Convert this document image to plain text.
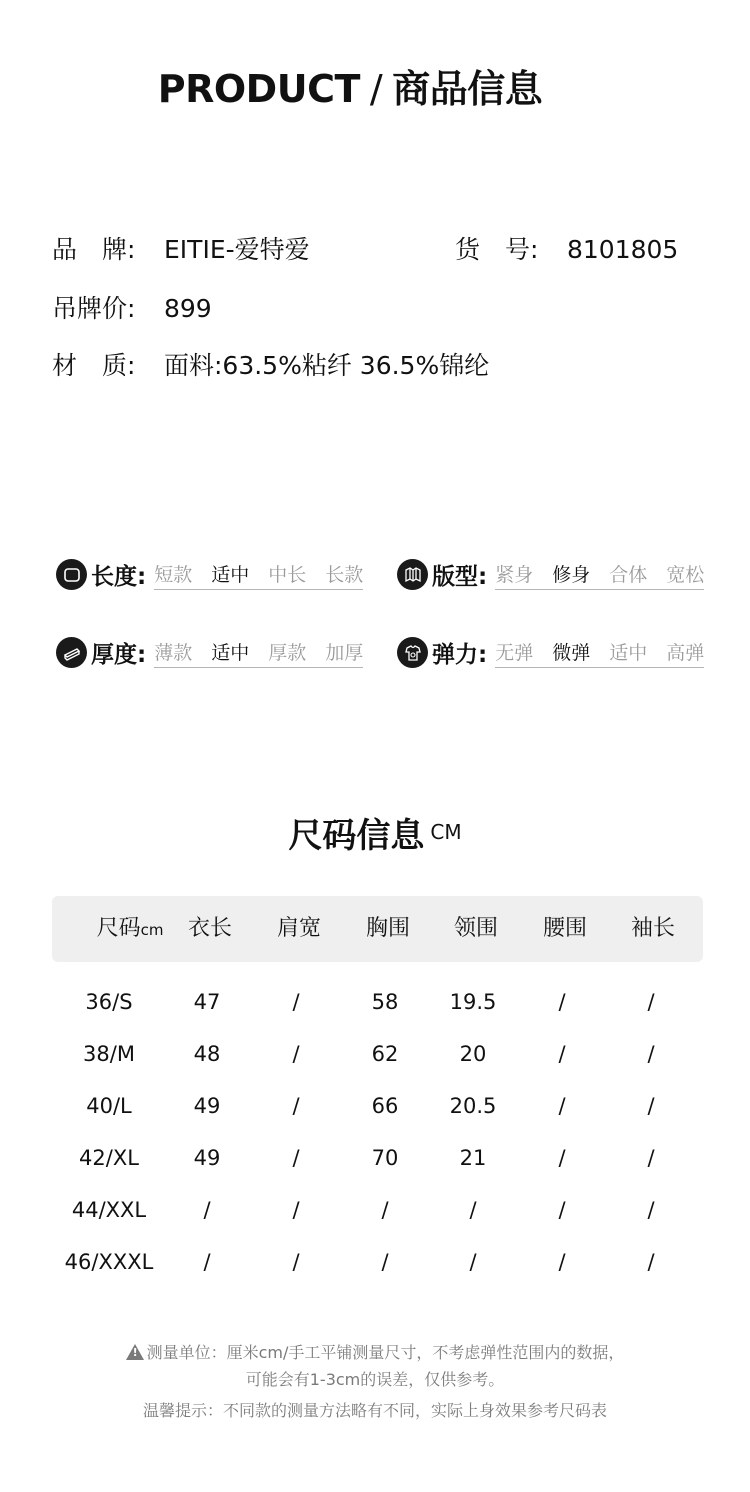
PRODUCT / 商品信息
品　牌: EITIE-爱特爱	货　号: 8101805
吊牌价: 899
材　质: 面料:63.5%粘纤 36.5%锦纶
长度: 短款 适中 中长 长款	版型: 紧身 修身 合体 宽松
厚度: 薄款 适中 厚款 加厚	弹力: 无弹 微弹 适中 高弹
尺码信息 CM
尺码cm	衣长	肩宽	胸围	领围	腰围	袖长
36/S	47	/	58	19.5	/	/
38/M	48	/	62	20	/	/
40/L	49	/	66	20.5	/	/
42/XL	49	/	70	21	/	/
44/XXL	/	/	/	/	/	/
46/XXXL	/	/	/	/	/	/
! 测量单位：厘米cm/手工平铺测量尺寸，不考虑弹性范围内的数据，
可能会有1-3cm的误差，仅供参考。
温馨提示：不同款的测量方法略有不同，实际上身效果参考尺码表
